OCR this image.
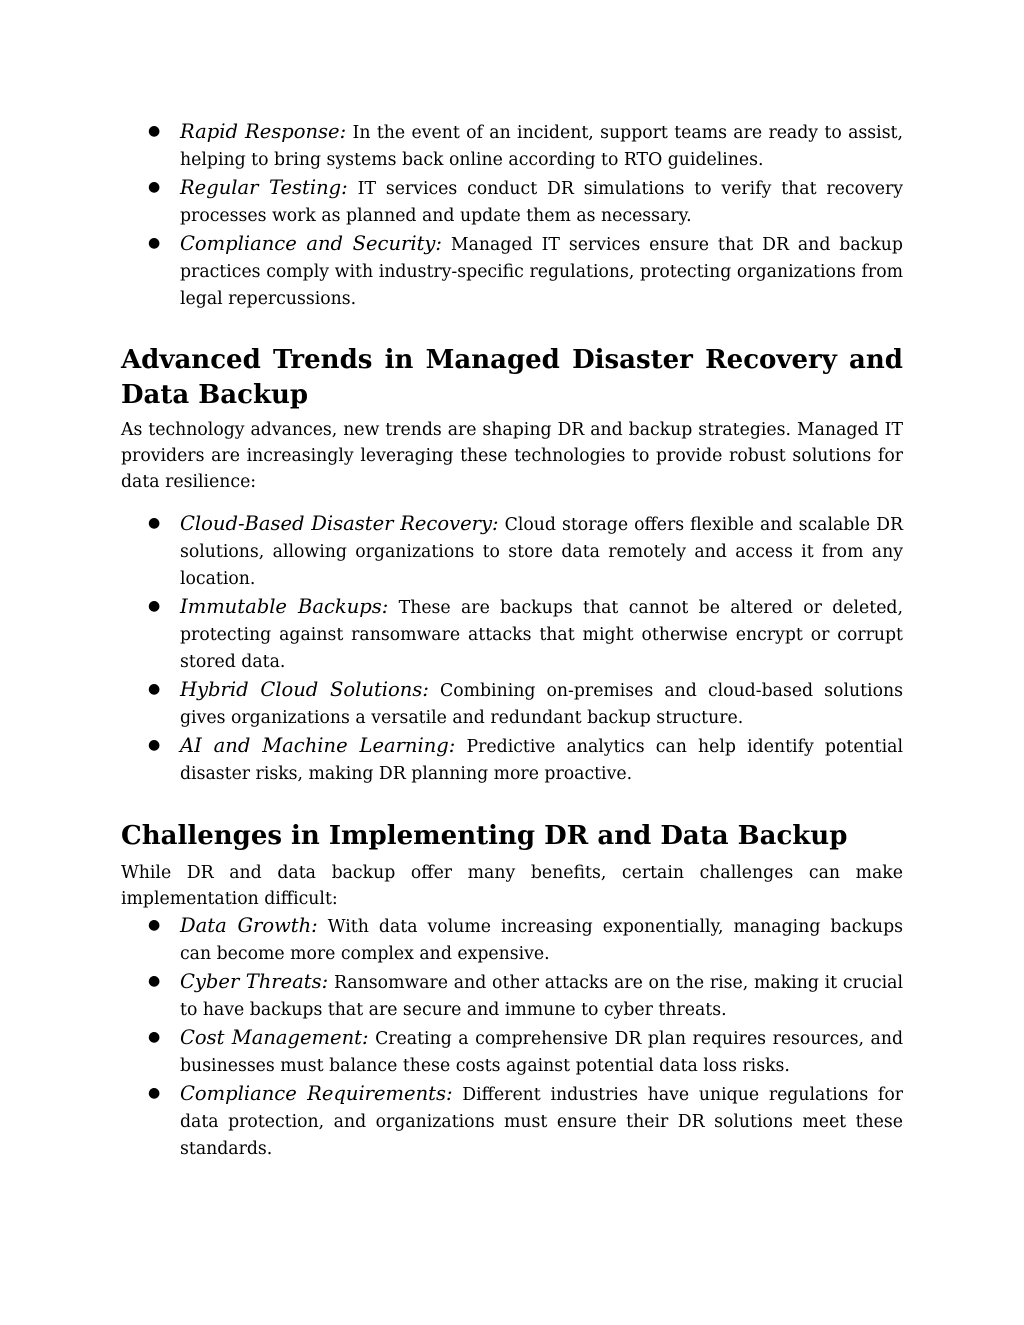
● Rapid Response: In the event of an incident, support teams are ready to assist, helping to bring systems back online according to RTO guidelines.
● Regular Testing: IT services conduct DR simulations to verify that recovery processes work as planned and update them as necessary.
● Compliance and Security: Managed IT services ensure that DR and backup practices comply with industry-specific regulations, protecting organizations from legal repercussions.
Advanced Trends in Managed Disaster Recovery and Data Backup

As technology advances, new trends are shaping DR and backup strategies. Managed IT providers are increasingly leveraging these technologies to provide robust solutions for data resilience:

● Cloud-Based Disaster Recovery: Cloud storage offers flexible and scalable DR solutions, allowing organizations to store data remotely and access it from any location.
● Immutable Backups: These are backups that cannot be altered or deleted, protecting against ransomware attacks that might otherwise encrypt or corrupt stored data.
● Hybrid Cloud Solutions: Combining on-premises and cloud-based solutions gives organizations a versatile and redundant backup structure.
● AI and Machine Learning: Predictive analytics can help identify potential disaster risks, making DR planning more proactive.
Challenges in Implementing DR and Data Backup

While DR and data backup offer many benefits, certain challenges can make implementation difficult:

● Data Growth: With data volume increasing exponentially, managing backups can become more complex and expensive.
● Cyber Threats: Ransomware and other attacks are on the rise, making it crucial to have backups that are secure and immune to cyber threats.
● Cost Management: Creating a comprehensive DR plan requires resources, and businesses must balance these costs against potential data loss risks.
● Compliance Requirements: Different industries have unique regulations for data protection, and organizations must ensure their DR solutions meet these standards.
